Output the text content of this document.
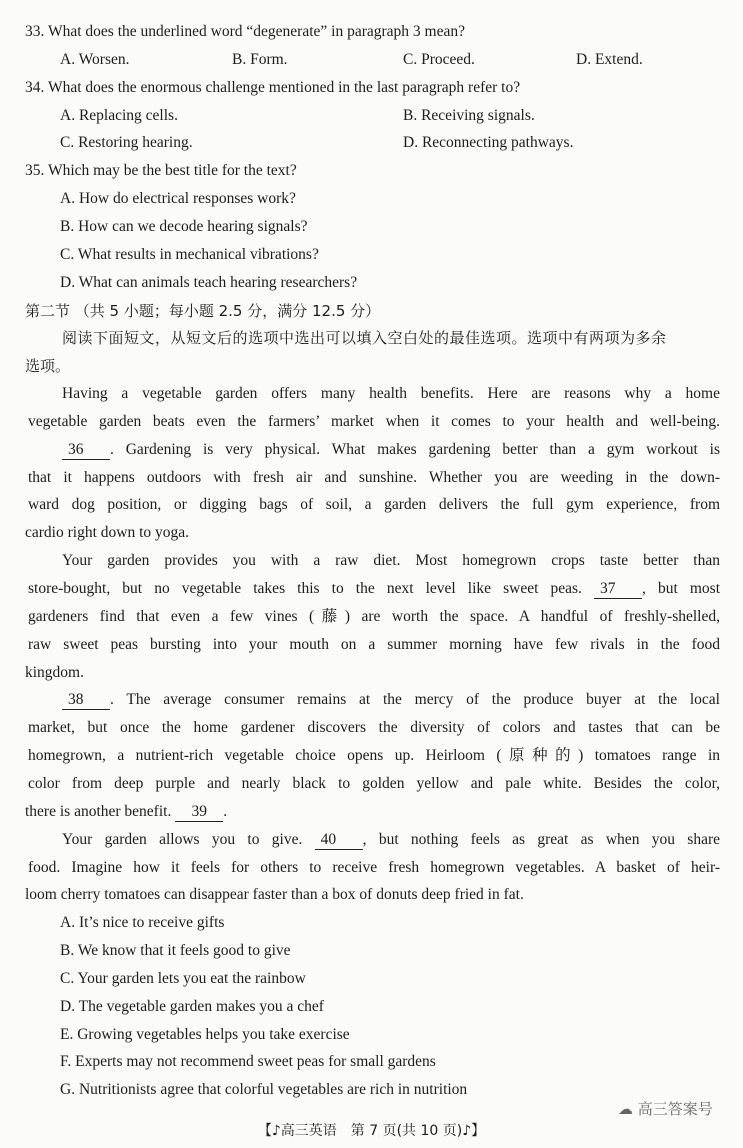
33. What does the underlined word “degenerate” in paragraph 3 mean?
A. Worsen.	B. Form.	C. Proceed.	D. Extend.
34. What does the enormous challenge mentioned in the last paragraph refer to?
A. Replacing cells.	B. Receiving signals.
C. Restoring hearing.	D. Reconnecting pathways.
35. Which may be the best title for the text?
A. How do electrical responses work?
B. How can we decode hearing signals?
C. What results in mechanical vibrations?
D. What can animals teach hearing researchers?
第二节 （共 5 小题；每小题 2.5 分，满分 12.5 分）
阅读下面短文，从短文后的选项中选出可以填入空白处的最佳选项。选项中有两项为多余
选项。
Having a vegetable garden offers many health benefits. Here are reasons why a home
vegetable garden beats even the farmers’ market when it comes to your health and well-being.
36 . Gardening is very physical. What makes gardening better than a gym workout is
that it happens outdoors with fresh air and sunshine. Whether you are weeding in the down-
ward dog position, or digging bags of soil, a garden delivers the full gym experience, from
cardio right down to yoga.
Your garden provides you with a raw diet. Most homegrown crops taste better than
store-bought, but no vegetable takes this to the next level like sweet peas. 37 , but most
gardeners find that even a few vines (藤) are worth the space. A handful of freshly-shelled,
raw sweet peas bursting into your mouth on a summer morning have few rivals in the food
kingdom.
38 . The average consumer remains at the mercy of the produce buyer at the local
market, but once the home gardener discovers the diversity of colors and tastes that can be
homegrown, a nutrient-rich vegetable choice opens up. Heirloom (原种的) tomatoes range in
color from deep purple and nearly black to golden yellow and pale white. Besides the color,
there is another benefit. 39 .
Your garden allows you to give. 40 , but nothing feels as great as when you share
food. Imagine how it feels for others to receive fresh homegrown vegetables. A basket of heir-
loom cherry tomatoes can disappear faster than a box of donuts deep fried in fat.
A. It’s nice to receive gifts
B. We know that it feels good to give
C. Your garden lets you eat the rainbow
D. The vegetable garden makes you a chef
E. Growing vegetables helps you take exercise
F. Experts may not recommend sweet peas for small gardens
G. Nutritionists agree that colorful vegetables are rich in nutrition
【♪高三英语　第 7 页(共 10 页)♪】
☁ 高三答案号
